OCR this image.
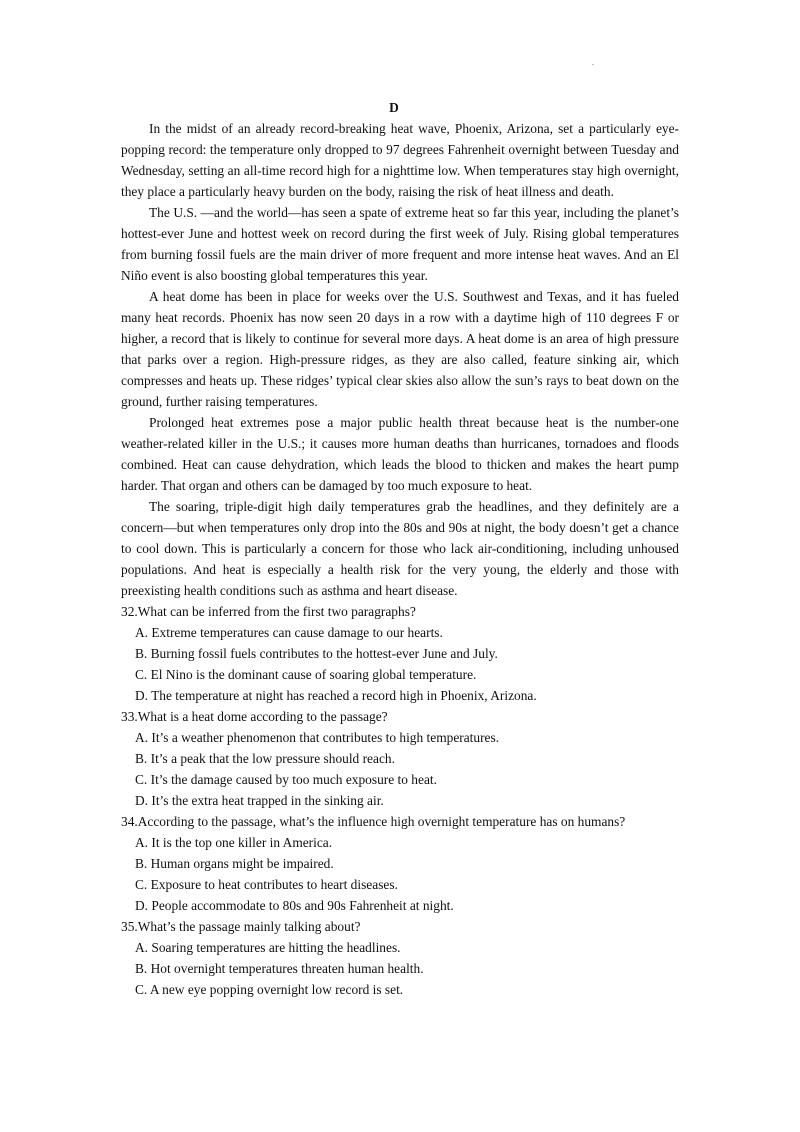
.

D

In the midst of an already record-breaking heat wave, Phoenix, Arizona, set a particularly eye-popping record: the temperature only dropped to 97 degrees Fahrenheit overnight between Tuesday and Wednesday, setting an all-time record high for a nighttime low. When temperatures stay high overnight, they place a particularly heavy burden on the body, raising the risk of heat illness and death.

The U.S. —and the world—has seen a spate of extreme heat so far this year, including the planet’s hottest-ever June and hottest week on record during the first week of July. Rising global temperatures from burning fossil fuels are the main driver of more frequent and more intense heat waves. And an El Niño event is also boosting global temperatures this year.

A heat dome has been in place for weeks over the U.S. Southwest and Texas, and it has fueled many heat records. Phoenix has now seen 20 days in a row with a daytime high of 110 degrees F or higher, a record that is likely to continue for several more days. A heat dome is an area of high pressure that parks over a region. High-pressure ridges, as they are also called, feature sinking air, which compresses and heats up. These ridges’ typical clear skies also allow the sun’s rays to beat down on the ground, further raising temperatures.

Prolonged heat extremes pose a major public health threat because heat is the number-one weather-related killer in the U.S.; it causes more human deaths than hurricanes, tornadoes and floods combined. Heat can cause dehydration, which leads the blood to thicken and makes the heart pump harder. That organ and others can be damaged by too much exposure to heat.

The soaring, triple-digit high daily temperatures grab the headlines, and they definitely are a concern—but when temperatures only drop into the 80s and 90s at night, the body doesn’t get a chance to cool down. This is particularly a concern for those who lack air-conditioning, including unhoused populations. And heat is especially a health risk for the very young, the elderly and those with preexisting health conditions such as asthma and heart disease.

32.What can be inferred from the first two paragraphs?

A. Extreme temperatures can cause damage to our hearts.
B. Burning fossil fuels contributes to the hottest-ever June and July.
C. El Nino is the dominant cause of soaring global temperature.
D. The temperature at night has reached a record high in Phoenix, Arizona.

33.What is a heat dome according to the passage?

A. It’s a weather phenomenon that contributes to high temperatures.
B. It’s a peak that the low pressure should reach.
C. It’s the damage caused by too much exposure to heat.
D. It’s the extra heat trapped in the sinking air.

34.According to the passage, what’s the influence high overnight temperature has on humans?

A. It is the top one killer in America.
B. Human organs might be impaired.
C. Exposure to heat contributes to heart diseases.
D. People accommodate to 80s and 90s Fahrenheit at night.

35.What’s the passage mainly talking about?

A. Soaring temperatures are hitting the headlines.
B. Hot overnight temperatures threaten human health.
C. A new eye popping overnight low record is set.
